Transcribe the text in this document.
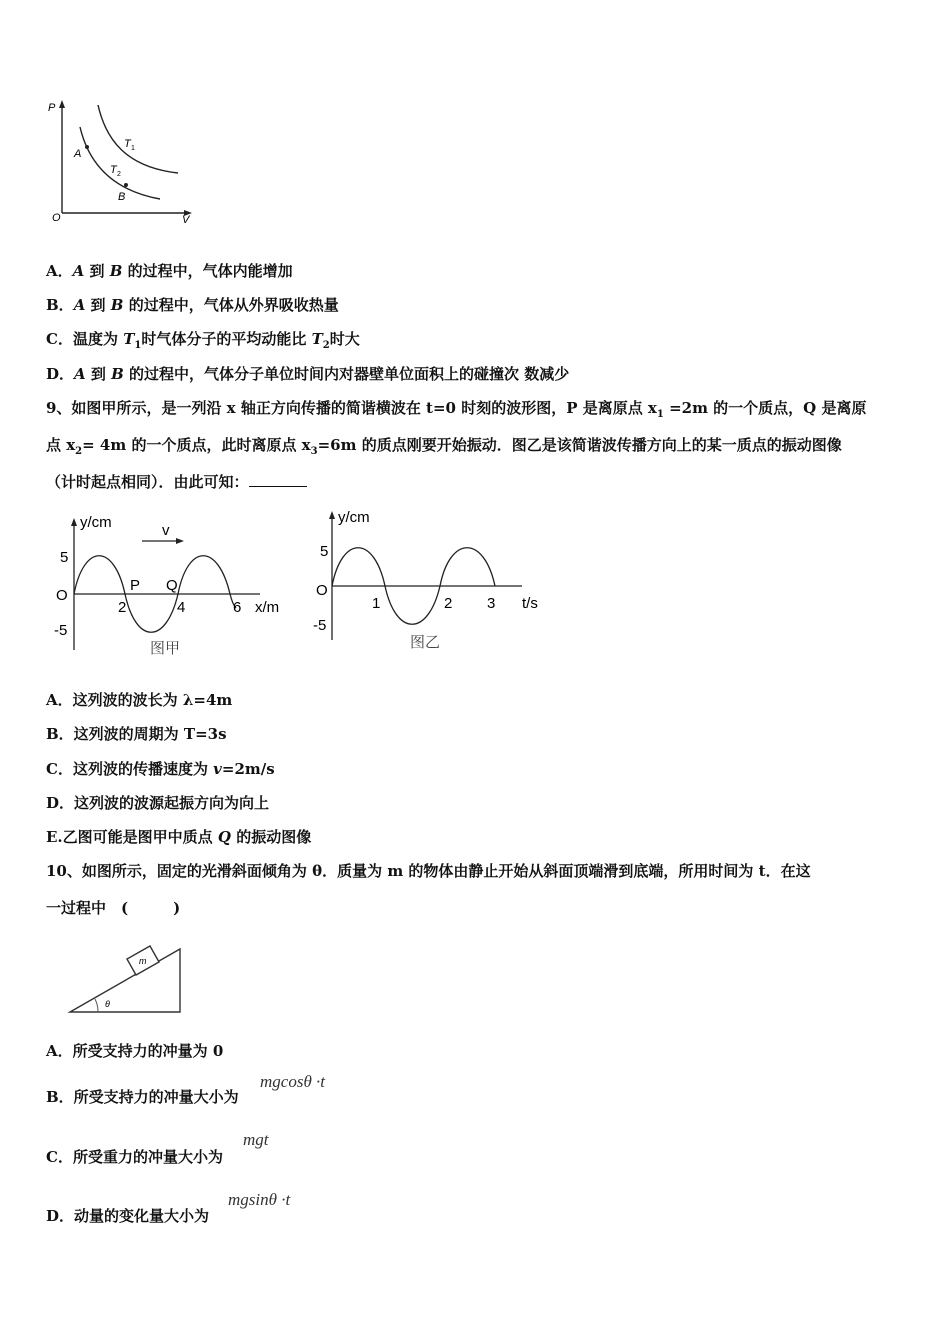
P
V
O
T 1
T 2
A
B
A．A 到 B 的过程中，气体内能增加
B．A 到 B 的过程中，气体从外界吸收热量
C．温度为 $T_1$时气体分子的平均动能比 $T_2$时大
D．A 到 B 的过程中，气体分子单位时间内对器壁单位面积上的碰撞次 数减少
9、如图甲所示，是一列沿 x 轴正方向传播的简谐横波在 t=0 时刻的波形图，P 是离原点 $x_1 =2m$ 的一个质点，Q 是离原
点 $x_2= 4m$ 的一个质点，此时离原点 $x_3=6m$ 的质点刚要开始振动．图乙是该简谐波传播方向上的某一质点的振动图像
（计时起点相同）．由此可知：
y/cm	v
5
O
-5
P Q
2	4	6 x/m
图甲
y/cm
5
O
-5
1	2 3 t/s
图乙
A．这列波的波长为 λ=4m
B．这列波的周期为 T=3s
C．这列波的传播速度为 v=2m/s
D．这列波的波源起振方向为向上
E.乙图可能是图甲中质点 Q 的振动图像
10、如图所示，固定的光滑斜面倾角为 θ．质量为 m 的物体由静止开始从斜面顶端滑到底端，所用时间为 t．在这
一过程中　(　　　)
m
θ
A．所受支持力的冲量为 0
B．所受支持力的冲量大小为
mgcosθ ·t
C．所受重力的冲量大小为
mgt
D．动量的变化量大小为
mgsinθ ·t
